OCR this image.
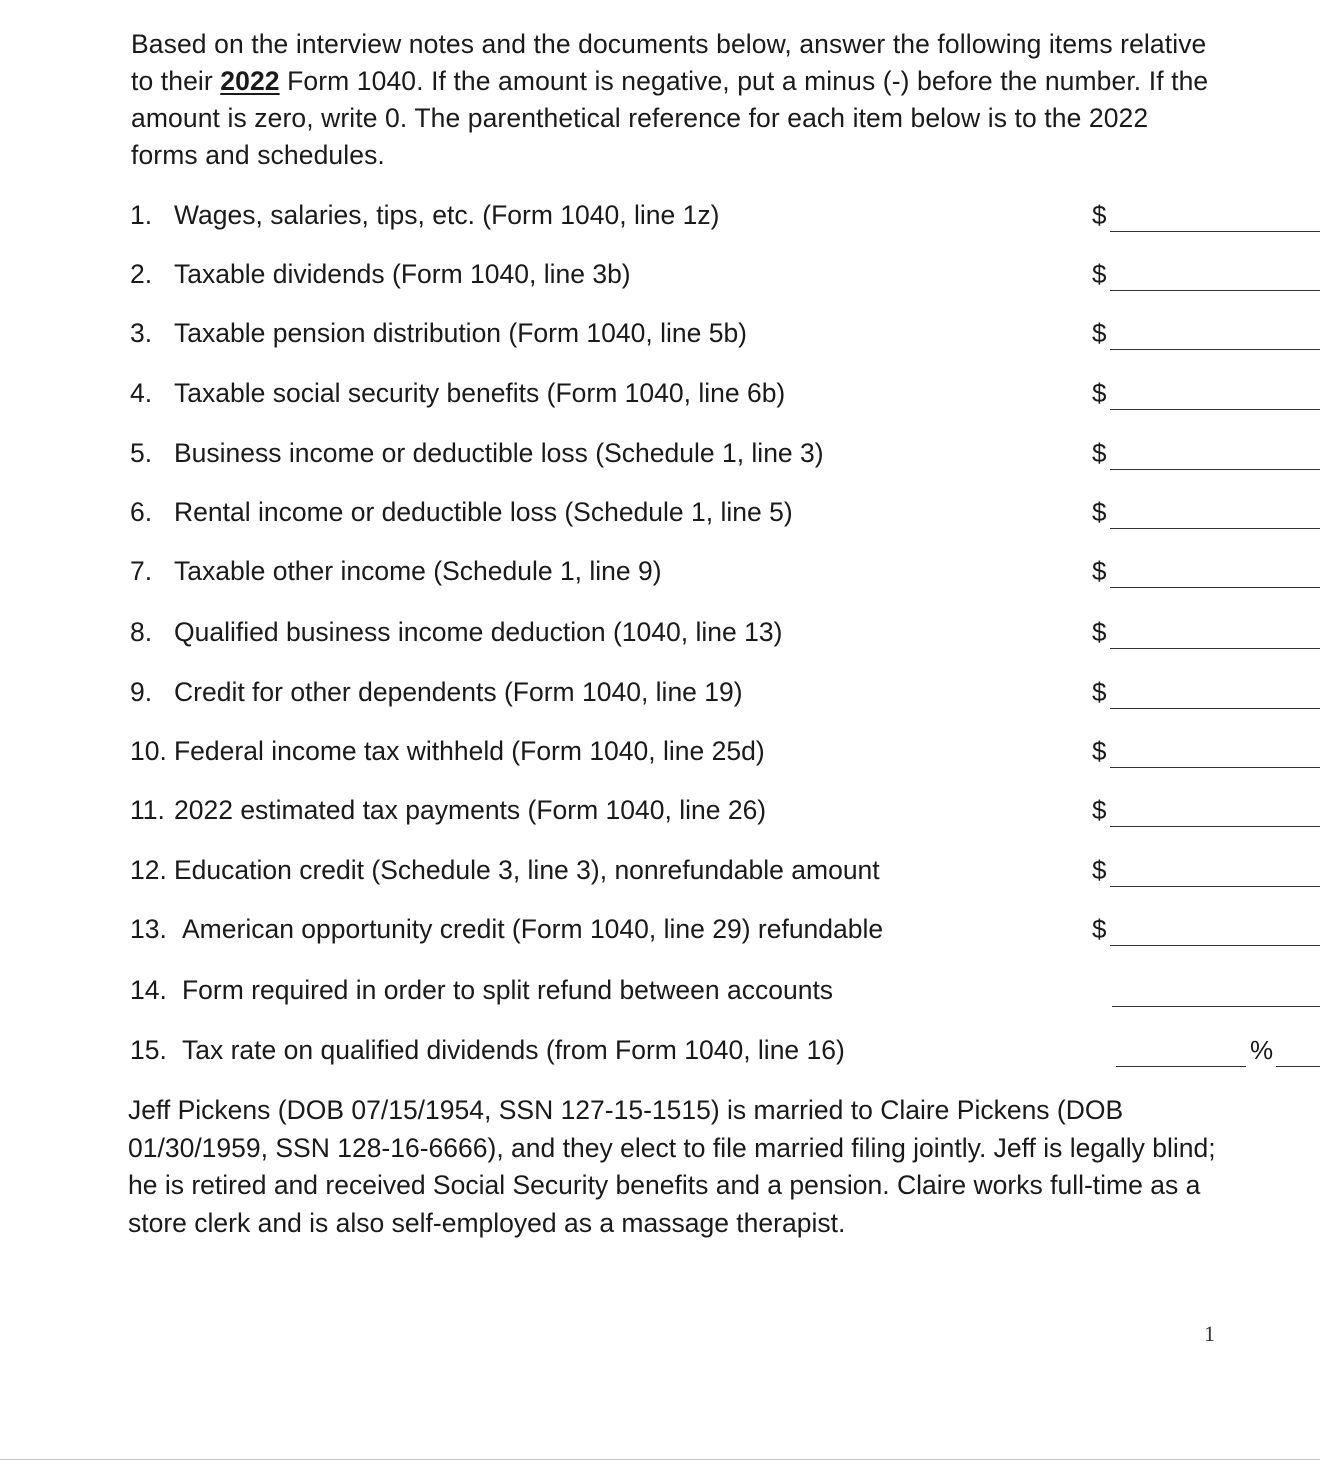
Based on the interview notes and the documents below, answer the following items relative to their 2022 Form 1040. If the amount is negative, put a minus (-) before the number. If the amount is zero, write 0. The parenthetical reference for each item below is to the 2022 forms and schedules.

1. Wages, salaries, tips, etc. (Form 1040, line 1z)	$
2. Taxable dividends (Form 1040, line 3b)	$
3. Taxable pension distribution (Form 1040, line 5b)	$
4. Taxable social security benefits (Form 1040, line 6b)	$
5. Business income or deductible loss (Schedule 1, line 3)	$
6. Rental income or deductible loss (Schedule 1, line 5)	$
7. Taxable other income (Schedule 1, line 9)	$
8. Qualified business income deduction (1040, line 13)	$
9. Credit for other dependents (Form 1040, line 19)	$
10. Federal income tax withheld (Form 1040, line 25d)	$
11. 2022 estimated tax payments (Form 1040, line 26)	$
12. Education credit (Schedule 3, line 3), nonrefundable amount	$
13. American opportunity credit (Form 1040, line 29) refundable	$
14. Form required in order to split refund between accounts
15. Tax rate on qualified dividends (from Form 1040, line 16)	%

Jeff Pickens (DOB 07/15/1954, SSN 127-15-1515) is married to Claire Pickens (DOB 01/30/1959, SSN 128-16-6666), and they elect to file married filing jointly. Jeff is legally blind; he is retired and received Social Security benefits and a pension. Claire works full-time as a store clerk and is also self-employed as a massage therapist.

1
